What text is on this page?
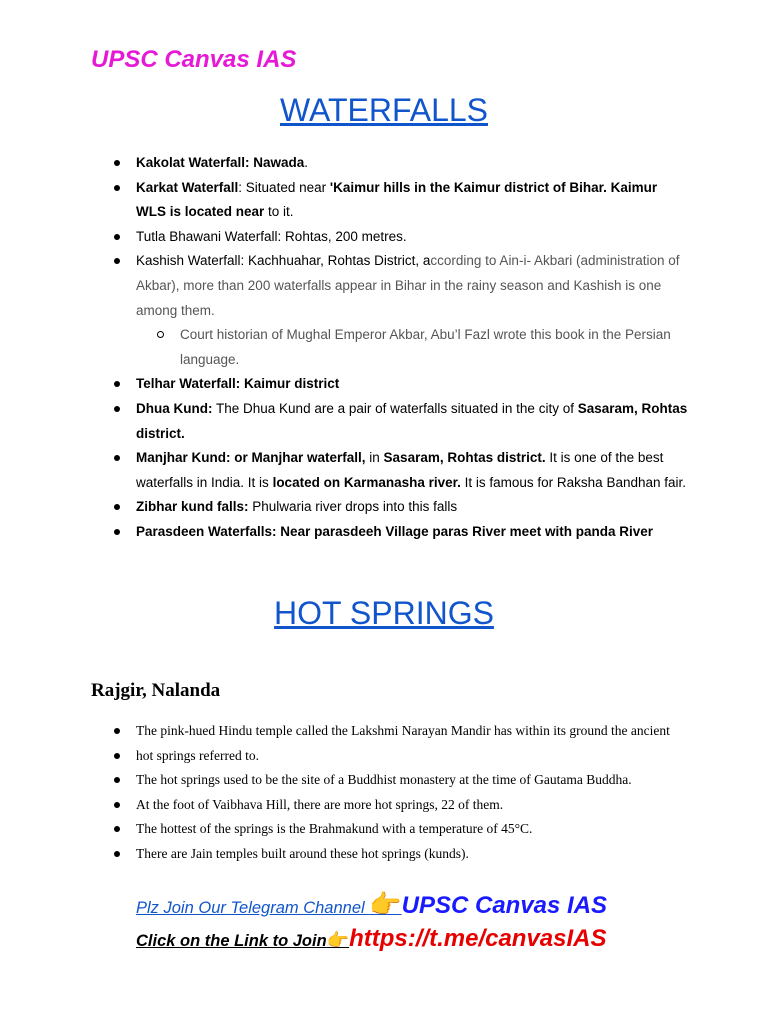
UPSC Canvas IAS
WATERFALLS
Kakolat Waterfall: Nawada.
Karkat Waterfall: Situated near 'Kaimur hills in the Kaimur district of Bihar. Kaimur WLS is located near to it.
Tutla Bhawani Waterfall: Rohtas, 200 metres.
Kashish Waterfall: Kachhuahar, Rohtas District, according to Ain-i- Akbari (administration of Akbar), more than 200 waterfalls appear in Bihar in the rainy season and Kashish is one among them.
Court historian of Mughal Emperor Akbar, Abu’l Fazl wrote this book in the Persian language.
Telhar Waterfall: Kaimur district
Dhua Kund: The Dhua Kund are a pair of waterfalls situated in the city of Sasaram, Rohtas district.
Manjhar Kund: or Manjhar waterfall, in Sasaram, Rohtas district. It is one of the best waterfalls in India. It is located on Karmanasha river. It is famous for Raksha Bandhan fair.
Zibhar kund falls: Phulwaria river drops into this falls
Parasdeen Waterfalls: Near parasdeeh Village paras River meet with panda River
HOT SPRINGS
Rajgir, Nalanda
The pink-hued Hindu temple called the Lakshmi Narayan Mandir has within its ground the ancient
hot springs referred to.
The hot springs used to be the site of a Buddhist monastery at the time of Gautama Buddha.
At the foot of Vaibhava Hill, there are more hot springs, 22 of them.
The hottest of the springs is the Brahmakund with a temperature of 45°C.
There are Jain temples built around these hot springs (kunds).
Plz Join Our Telegram Channel 👉UPSC Canvas IAS
Click on the Link to Join👉https://t.me/canvasIAS
